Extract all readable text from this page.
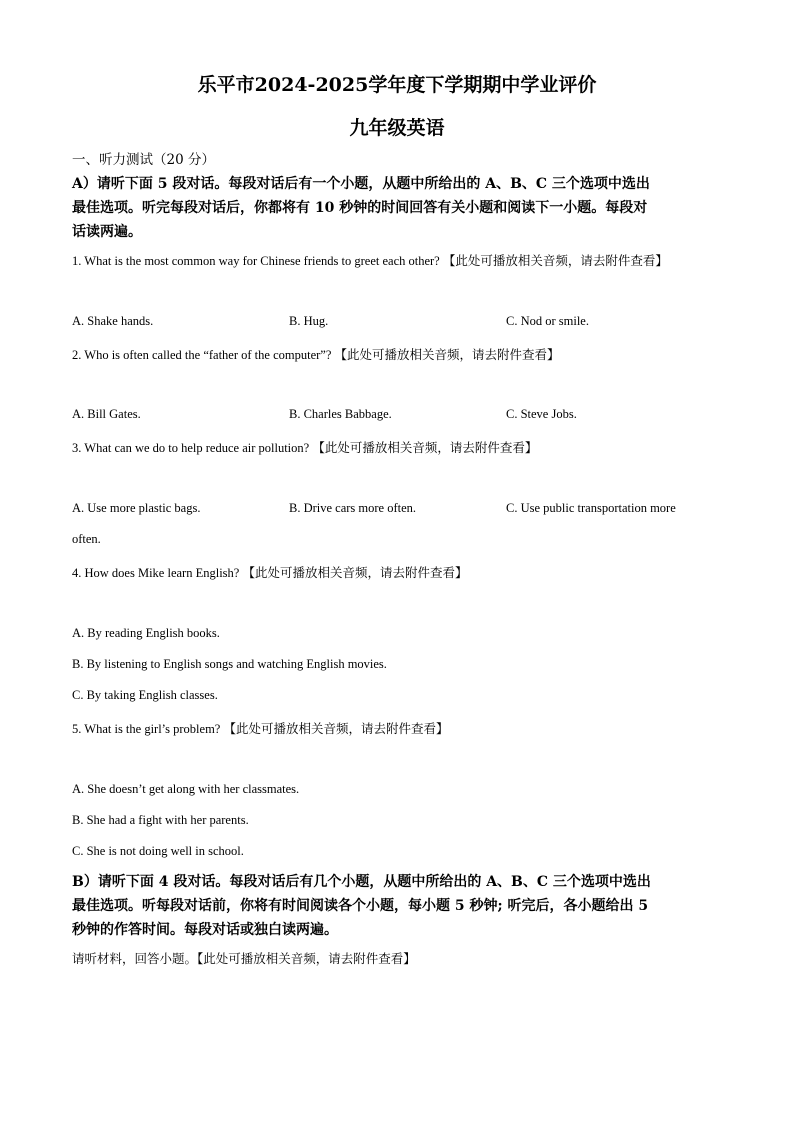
乐平市2024-2025学年度下学期期中学业评价
九年级英语
一、听力测试（20 分）
A）请听下面 5 段对话。每段对话后有一个小题，从题中所给出的 A、B、C 三个选项中选出
最佳选项。听完每段对话后，你都将有 10 秒钟的时间回答有关小题和阅读下一小题。每段对
话读两遍。
1. What is the most common way for Chinese friends to greet each other? 【此处可播放相关音频，请去附件查看】
A. Shake hands.	B. Hug.	C. Nod or smile.
2. Who is often called the “father of the computer”? 【此处可播放相关音频，请去附件查看】
A. Bill Gates.	B. Charles Babbage.	C. Steve Jobs.
3. What can we do to help reduce air pollution? 【此处可播放相关音频，请去附件查看】
A. Use more plastic bags.	B. Drive cars more often.	C. Use public transportation more
often.
4. How does Mike learn English? 【此处可播放相关音频，请去附件查看】
A. By reading English books.
B. By listening to English songs and watching English movies.
C. By taking English classes.
5. What is the girl’s problem? 【此处可播放相关音频，请去附件查看】
A. She doesn’t get along with her classmates.
B. She had a fight with her parents.
C. She is not doing well in school.
B）请听下面 4 段对话。每段对话后有几个小题，从题中所给出的 A、B、C 三个选项中选出
最佳选项。听每段对话前，你将有时间阅读各个小题，每小题 5 秒钟; 听完后，各小题给出 5
秒钟的作答时间。每段对话或独白读两遍。
请听材料，回答小题。【此处可播放相关音频，请去附件查看】
